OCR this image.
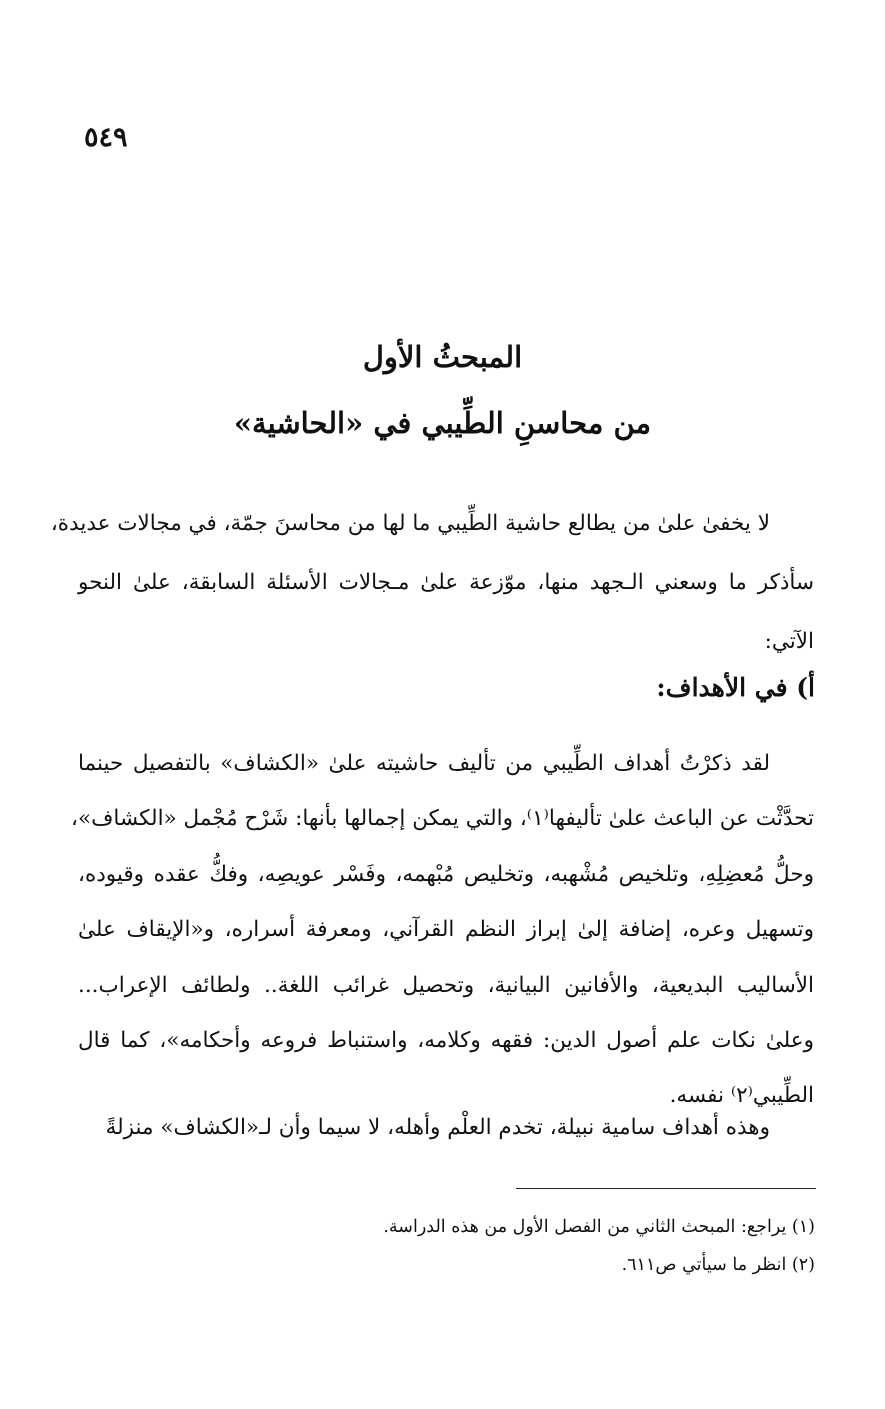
٥٤٩
المبحثُ الأول
من محاسنِ الطِّيبي في «الحاشية»
لا يخفىٰ علىٰ من يطالع حاشية الطِّيبي ما لها من محاسنَ جمّة، في مجالات عديدة،
سأذكر ما وسعني الـجهد منها، موّزعة علىٰ مـجالات الأسئلة السابقة، علىٰ النحو
الآتي:
أ) في الأهداف:
لقد ذكرْتُ أهداف الطِّيبي من تأليف حاشيته علىٰ «الكشاف» بالتفصيل حينما
تحدَّثْت عن الباعث علىٰ تأليفها⁽١⁾، والتي يمكن إجمالها بأنها: شَرْح مُجْمل «الكشاف»،
وحلُّ مُعضِلِهِ، وتلخيص مُشْهبه، وتخليص مُبْهمه، وفَسْر عويصِه، وفكُّ عقده وقيوده،
وتسهيل وعره، إضافة إلىٰ إبراز النظم القرآني، ومعرفة أسراره، و«الإيقاف علىٰ
الأساليب البديعية، والأفانين البيانية، وتحصيل غرائب اللغة.. ولطائف الإعراب...
وعلىٰ نكات علم أصول الدين: فقهه وكلامه، واستنباط فروعه وأحكامه»، كما قال
الطِّيبي⁽٢⁾ نفسه.
وهذه أهداف سامية نبيلة، تخدم العلْم وأهله، لا سيما وأن لـ«الكشاف» منزلةً
(١) يراجع: المبحث الثاني من الفصل الأول من هذه الدراسة.
(٢) انظر ما سيأتي ص٦١١.
